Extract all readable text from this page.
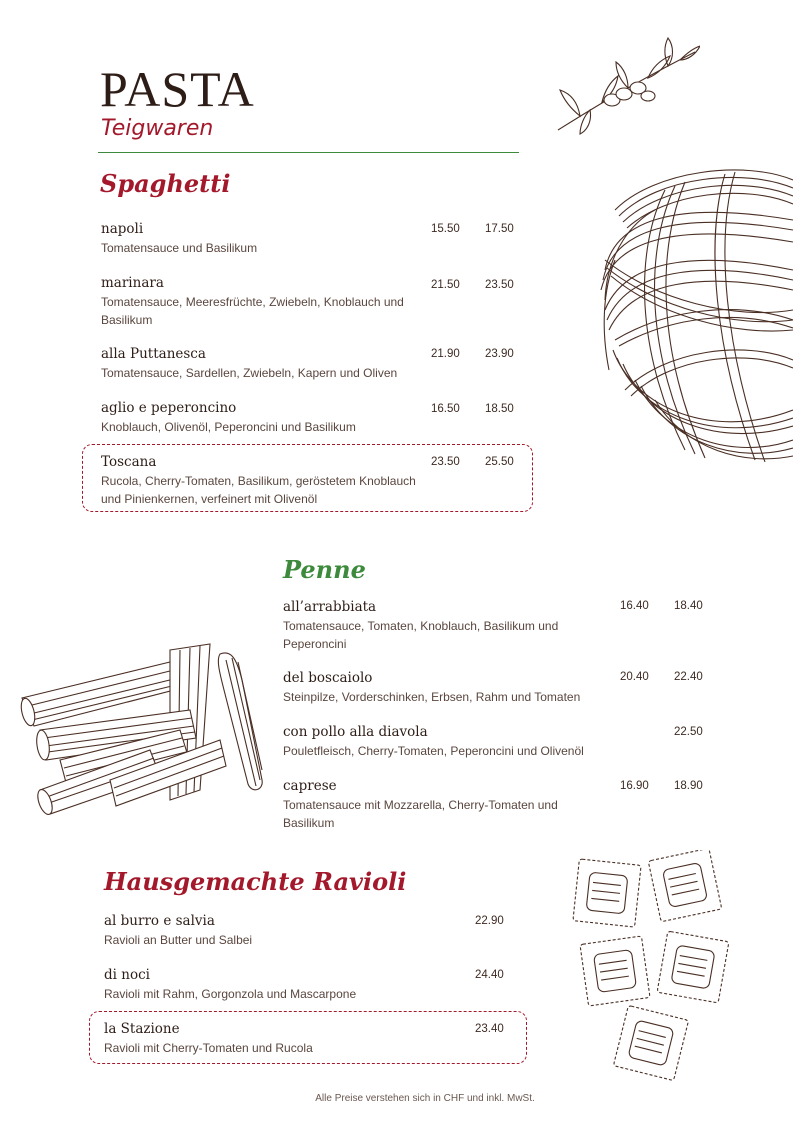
PASTA
Teigwaren
Spaghetti
napoli
Tomatensauce und Basilikum
15.50 17.50
marinara
Tomatensauce, Meeresfrüchte, Zwiebeln, Knoblauch und Basilikum
21.50 23.50
alla Puttanesca
Tomatensauce, Sardellen, Zwiebeln, Kapern und Oliven
21.90 23.90
aglio e peperoncino
Knoblauch, Olivenöl, Peperoncini und Basilikum
16.50 18.50
Toscana
Rucola, Cherry-Tomaten, Basilikum, geröstetem Knoblauch und Pinienkernen, verfeinert mit Olivenöl
23.50 25.50
Penne
all’arrabbiata
Tomatensauce, Tomaten, Knoblauch, Basilikum und Peperoncini
16.40 18.40
del boscaiolo
Steinpilze, Vorderschinken, Erbsen, Rahm und Tomaten
20.40 22.40
con pollo alla diavola
Pouletfleisch, Cherry-Tomaten, Peperoncini und Olivenöl
22.50
caprese
Tomatensauce mit Mozzarella, Cherry-Tomaten und Basilikum
16.90 18.90
Hausgemachte Ravioli
al burro e salvia
Ravioli an Butter und Salbei
22.90
di noci
Ravioli mit Rahm, Gorgonzola und Mascarpone
24.40
la Stazione
Ravioli mit Cherry-Tomaten und Rucola
23.40
Alle Preise verstehen sich in CHF und inkl. MwSt.
